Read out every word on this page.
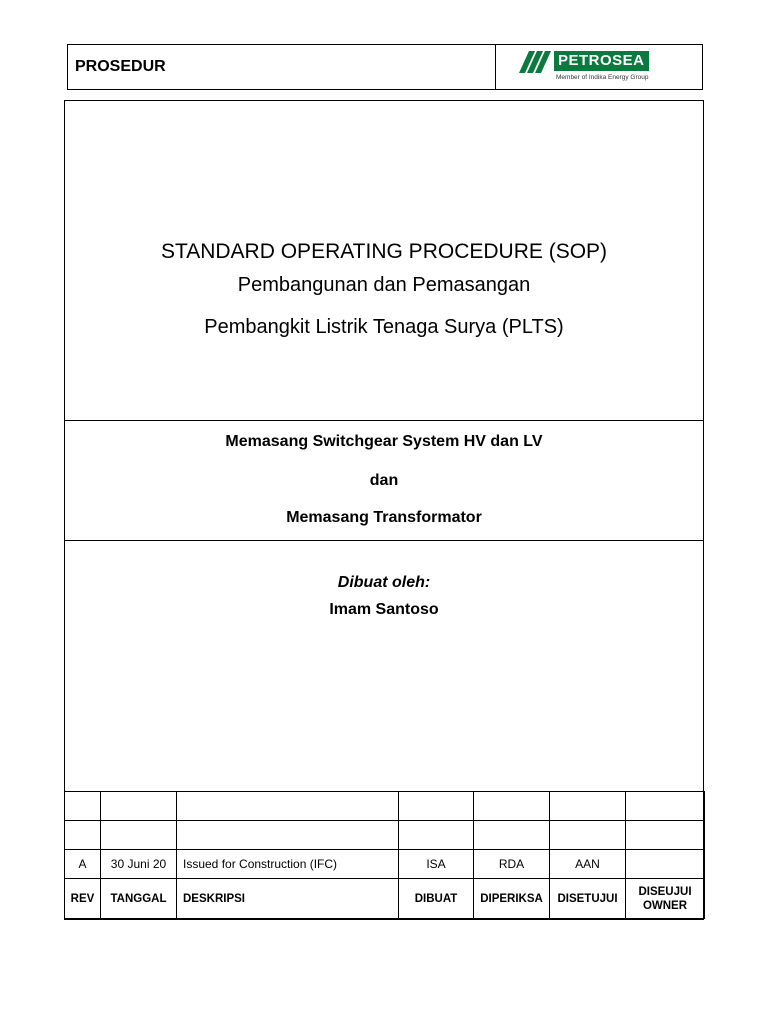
PROSEDUR	PETROSEA
Member of Indika Energy Group
STANDARD OPERATING PROCEDURE (SOP)
Pembangunan dan Pemasangan
Pembangkit Listrik Tenaga Surya (PLTS)
Memasang Switchgear System HV dan LV
dan
Memasang Transformator
Dibuat oleh:
Imam Santoso

A	30 Juni 20	Issued for Construction (IFC)	ISA	RDA	AAN	
REV	TANGGAL	DESKRIPSI	DIBUAT	DIPERIKSA	DISETUJUI	DISEUJUI OWNER
